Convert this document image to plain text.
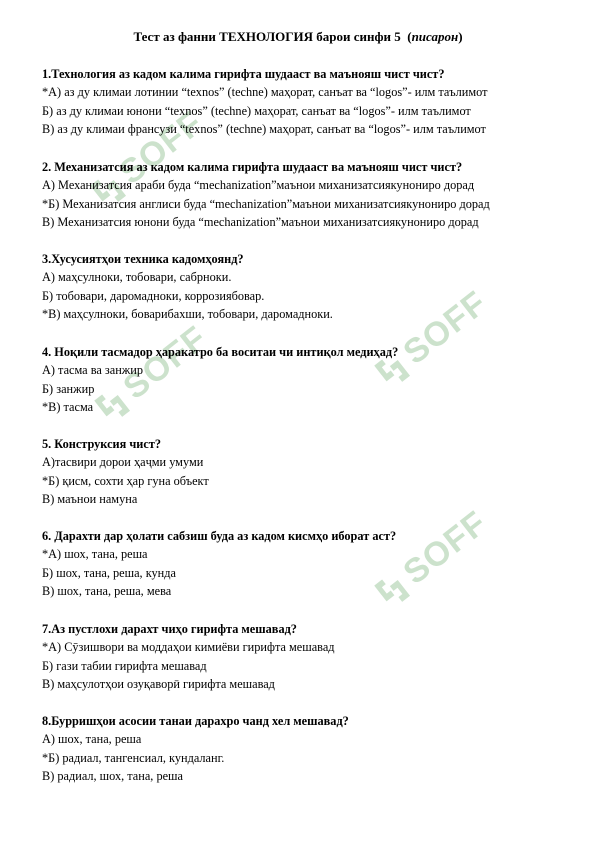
SOFF
SOFF
SOFF
SOFF
Тест аз фанни ТЕХНОЛОГИЯ барои синфи 5  (писарон)
1.Технология аз кадом калима гирифта шудааст ва маънояш чист чист?
*А) аз ду климаи лотинии “texnos” (techne) маҳорат, санъат ва “logos”- илм таълимот
Б) аз ду климаи юнони “texnos” (techne) маҳорат, санъат ва “logos”- илм таълимот
В) аз ду климаи франсузи “texnos” (techne) маҳорат, санъат ва “logos”- илм таълимот
2. Механизатсия аз кадом калима гирифта шудааст ва маънояш чист чист?
А) Механизатсия араби буда “mechanization”маънои миханизатсиякунониро дорад
*Б) Механизатсия англиси буда “mechanization”маънои миханизатсиякунониро дорад
В) Механизатсия юнони буда “mechanization”маънои миханизатсиякунониро дорад
3.Хусусиятҳои техника кадомҳоянд?
А) маҳсулноки, тобовари, сабрноки.
Б) тобовари, даромадноки, коррозиябовар.
*В) маҳсулноки, боварибахши, тобовари, даромадноки.
4. Ноқили тасмадор ҳаракатро ба воситаи чи интиқол медиҳад?
А) тасма ва занжир
Б) занжир
*В) тасма
5. Конструксия чист?
А)тасвири дорои ҳаҷми умуми
*Б) қисм, сохти ҳар гуна объект
В) маънои намуна
6. Дарахти дар ҳолати сабзиш буда аз кадом кисмҳо иборат аст?
*А) шох, тана, реша
Б) шох, тана, реша, кунда
В) шох, тана, реша, мева
7.Аз пустлохи дарахт чиҳо гирифта мешавад?
*А) Сӯзишвори ва моддаҳои кимиёви гирифта мешавад
Б) гази табии гирифта мешавад
В) маҳсулотҳои озуқаворӣ гирифта мешавад
8.Бурришҳои асосии танаи дарахро чанд хел мешавад?
А) шох, тана, реша
*Б) радиал, тангенсиал, кундаланг.
В) радиал, шох, тана, реша
